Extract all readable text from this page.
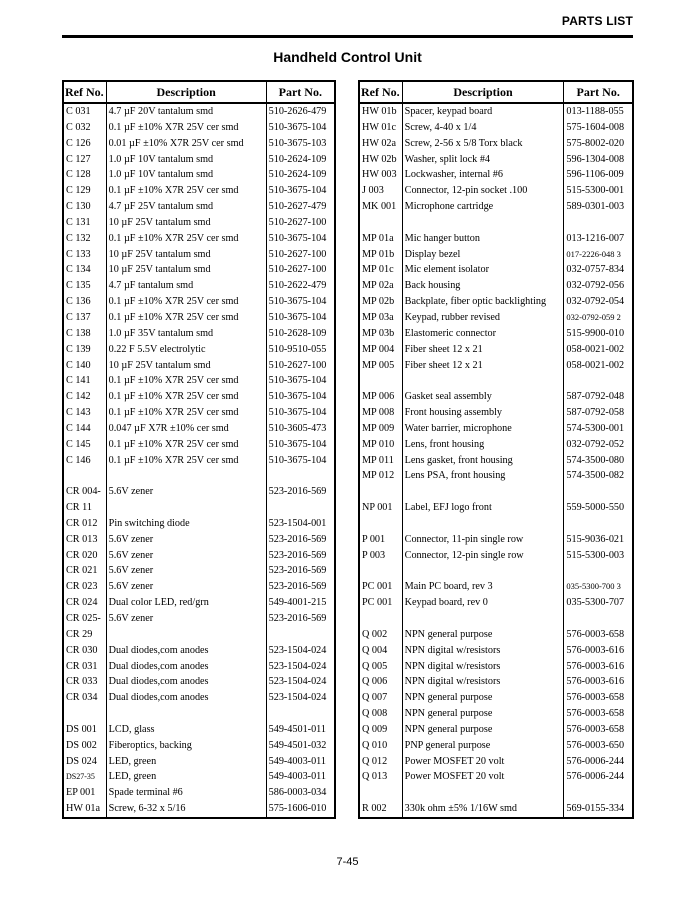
PARTS LIST
Handheld Control Unit
Ref No.	Description	Part No.
C 031	4.7 µF 20V tantalum smd	510-2626-479
C 032	0.1 µF ±10% X7R 25V cer smd	510-3675-104
C 126	0.01 µF ±10% X7R 25V cer smd	510-3675-103
C 127	1.0 µF 10V tantalum smd	510-2624-109
C 128	1.0 µF 10V tantalum smd	510-2624-109
C 129	0.1 µF ±10% X7R 25V cer smd	510-3675-104
C 130	4.7 µF 25V tantalum smd	510-2627-479
C 131	10 µF 25V tantalum smd	510-2627-100
C 132	0.1 µF ±10% X7R 25V cer smd	510-3675-104
C 133	10 µF 25V tantalum smd	510-2627-100
C 134	10 µF 25V tantalum smd	510-2627-100
C 135	4.7 µF tantalum smd	510-2622-479
C 136	0.1 µF ±10% X7R 25V cer smd	510-3675-104
C 137	0.1 µF ±10% X7R 25V cer smd	510-3675-104
C 138	1.0 µF 35V tantalum smd	510-2628-109
C 139	0.22 F 5.5V electrolytic	510-9510-055
C 140	10 µF 25V tantalum smd	510-2627-100
C 141	0.1 µF ±10% X7R 25V cer smd	510-3675-104
C 142	0.1 µF ±10% X7R 25V cer smd	510-3675-104
C 143	0.1 µF ±10% X7R 25V cer smd	510-3675-104
C 144	0.047 µF X7R ±10% cer smd	510-3605-473
C 145	0.1 µF ±10% X7R 25V cer smd	510-3675-104
C 146	0.1 µF ±10% X7R 25V cer smd	510-3675-104

CR 004-	5.6V zener	523-2016-569
CR 11		
CR 012	Pin switching diode	523-1504-001
CR 013	5.6V zener	523-2016-569
CR 020	5.6V zener	523-2016-569
CR 021	5.6V zener	523-2016-569
CR 023	5.6V zener	523-2016-569
CR 024	Dual color LED, red/grn	549-4001-215
CR 025-	5.6V zener	523-2016-569
CR 29		
CR 030	Dual diodes,com anodes	523-1504-024
CR 031	Dual diodes,com anodes	523-1504-024
CR 033	Dual diodes,com anodes	523-1504-024
CR 034	Dual diodes,com anodes	523-1504-024

DS 001	LCD, glass	549-4501-011
DS 002	Fiberoptics, backing	549-4501-032
DS 024	LED, green	549-4003-011
DS27-35	LED, green	549-4003-011
EP 001	Spade terminal #6	586-0003-034
HW 01a	Screw, 6-32 x 5/16	575-1606-010
Ref No.	Description	Part No.
HW 01b	Spacer, keypad board	013-1188-055
HW 01c	Screw, 4-40 x 1/4	575-1604-008
HW 02a	Screw, 2-56 x 5/8 Torx black	575-8002-020
HW 02b	Washer, split lock #4	596-1304-008
HW 003	Lockwasher, internal #6	596-1106-009
J 003	Connector, 12-pin socket .100	515-5300-001
MK 001	Microphone cartridge	589-0301-003

MP 01a	Mic hanger button	013-1216-007
MP 01b	Display bezel	017-2226-048 3
MP 01c	Mic element isolator	032-0757-834
MP 02a	Back housing	032-0792-056
MP 02b	Backplate, fiber optic backlighting	032-0792-054
MP 03a	Keypad, rubber revised	032-0792-059 2
MP 03b	Elastomeric connector	515-9900-010
MP 004	Fiber sheet 12 x 21	058-0021-002
MP 005	Fiber sheet 12 x 21	058-0021-002

MP 006	Gasket seal assembly	587-0792-048
MP 008	Front housing assembly	587-0792-058
MP 009	Water barrier, microphone	574-5300-001
MP 010	Lens, front housing	032-0792-052
MP 011	Lens gasket, front housing	574-3500-080
MP 012	Lens PSA, front housing	574-3500-082

NP 001	Label, EFJ logo front	559-5000-550

P 001	Connector, 11-pin single row	515-9036-021
P 003	Connector, 12-pin single row	515-5300-003

PC 001	Main PC board, rev 3	035-5300-700 3
PC 001	Keypad board, rev 0	035-5300-707

Q 002	NPN general purpose	576-0003-658
Q 004	NPN digital w/resistors	576-0003-616
Q 005	NPN digital w/resistors	576-0003-616
Q 006	NPN digital w/resistors	576-0003-616
Q 007	NPN general purpose	576-0003-658
Q 008	NPN general purpose	576-0003-658
Q 009	NPN general purpose	576-0003-658
Q 010	PNP general purpose	576-0003-650
Q 012	Power MOSFET 20 volt	576-0006-244
Q 013	Power MOSFET 20 volt	576-0006-244

R 002	330k ohm ±5% 1/16W smd	569-0155-334
7-45
